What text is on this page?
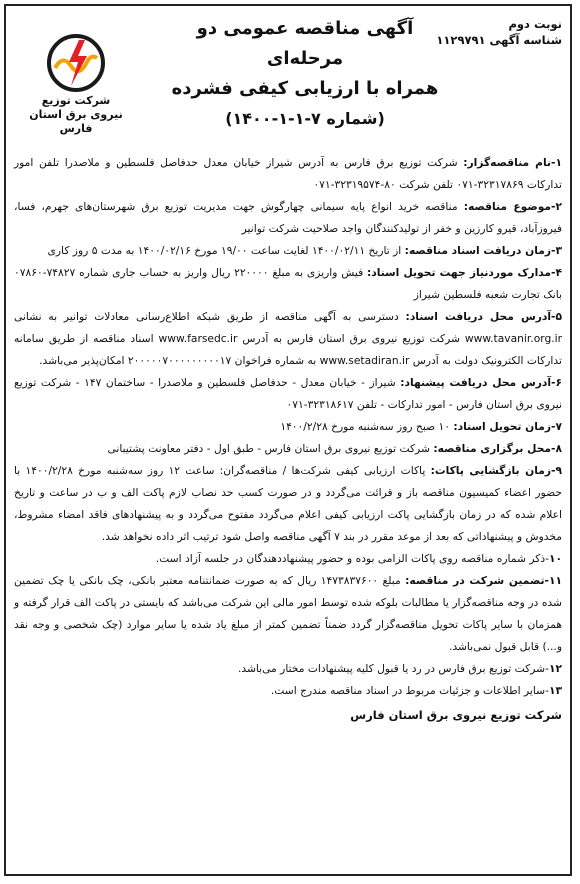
نوبت دوم
شناسه آگهی ۱۱۲۹۷۹۱
آگهی مناقصه عمومی دو مرحله‌ای
همراه با ارزیابی کیفی فشرده
(شماره ۷-۱-۱-۱۴۰۰)
شرکت توزیع
نیروی برق استان
فارس

۱-نام مناقصه‌گزار: شرکت توزیع برق فارس به آدرس شیراز خیابان معدل حدفاصل فلسطین و ملاصدرا تلفن امور تدارکات ۳۲۳۱۷۸۶۹-۰۷۱ تلفن شرکت ۸۰-۳۲۳۱۹۵۷۴-۰۷۱

۲-موضوع مناقصه: مناقصه خرید انواع پایه سیمانی چهارگوش جهت مدیریت توزیع برق شهرستان‌های جهرم، فسا، فیروزآباد، قیرو کارزین و خفر از تولیدکنندگان واجد صلاحیت شرکت توانیر

۳-زمان دریافت اسناد مناقصه: از تاریخ ۱۴۰۰/۰۲/۱۱ لغایت ساعت ۱۹/۰۰ مورخ ۱۴۰۰/۰۲/۱۶ به مدت ۵ روز کاری

۴-مدارک موردنیاز جهت تحویل اسناد: فیش واریزی به مبلغ ۲۲۰۰۰۰ ریال واریز به حساب جاری شماره ۷۴۸۲۷-۰۷۸۶۰ بانک تجارت شعبه فلسطین شیراز

۵-آدرس محل دریافت اسناد: دسترسی به آگهی مناقصه از طریق شبکه اطلاع‌رسانی معادلات توانیر به نشانی www.tavanir.org.ir شرکت توزیع نیروی برق استان فارس به آدرس www.farsedc.ir اسناد مناقصه از طریق سامانه تدارکات الکترونیک دولت به آدرس www.setadiran.ir به شماره فراخوان ۲۰۰۰۰۰۷۰۰۰۰۰۰۰۰۰۱۷ امکان‌پذیر می‌باشد.

۶-آدرس محل دریافت پیشنهاد: شیراز - خیابان معدل - حدفاصل فلسطین و ملاصدرا - ساختمان ۱۴۷ - شرکت توزیع نیروی برق استان فارس - امور تدارکات - تلفن ۳۲۳۱۸۶۱۷-۰۷۱

۷-زمان تحویل اسناد: ۱۰ صبح روز سه‌شنبه مورخ ۱۴۰۰/۲/۲۸

۸-محل برگزاری مناقصه: شرکت توزیع نیروی برق استان فارس - طبق اول - دفتر معاونت پشتیبانی

۹-زمان بازگشایی پاکات: پاکات ارزیابی کیفی شرکت‌ها / مناقصه‌گران: ساعت ۱۲ روز سه‌شنبه مورخ ۱۴۰۰/۲/۲۸ با حضور اعضاء کمیسیون مناقصه باز و قرائت می‌گردد و در صورت کسب حد نصاب لازم پاکت الف و ب در ساعت و تاریخ اعلام شده که در زمان بازگشایی پاکت ارزیابی کیفی اعلام می‌گردد مفتوح می‌گردد و به پیشنهادهای فاقد امضاء مشروط، مخدوش و پیشنهاداتی که بعد از موعد مقرر در بند ۷ آگهی مناقصه واصل شود ترتیب اثر داده نخواهد شد.

۱۰-ذکر شماره مناقصه روی پاکات الزامی بوده و حضور پیشنهاددهندگان در جلسه آزاد است.

۱۱-تضمین شرکت در مناقصه: مبلغ ۱۴۷۳۸۳۷۶۰۰ ریال که به صورت ضمانتنامه معتبر بانکی، چک بانکی یا چک تضمین شده در وجه مناقصه‌گزار یا مطالبات بلوکه شده توسط امور مالی این شرکت می‌باشد که بایستی در پاکت الف قرار گرفته و همزمان با سایر پاکات تحویل مناقصه‌گزار گردد ضمناً تضمین کمتر از مبلغ یاد شده یا سایر موارد (چک شخصی و وجه نقد و...) قابل قبول نمی‌باشد.

۱۲-شرکت توزیع برق فارس در رد یا قبول کلیه پیشنهادات مختار می‌باشد.

۱۳-سایر اطلاعات و جزئیات مربوط در اسناد مناقصه مندرج است.

شرکت توزیع نیروی برق استان فارس
